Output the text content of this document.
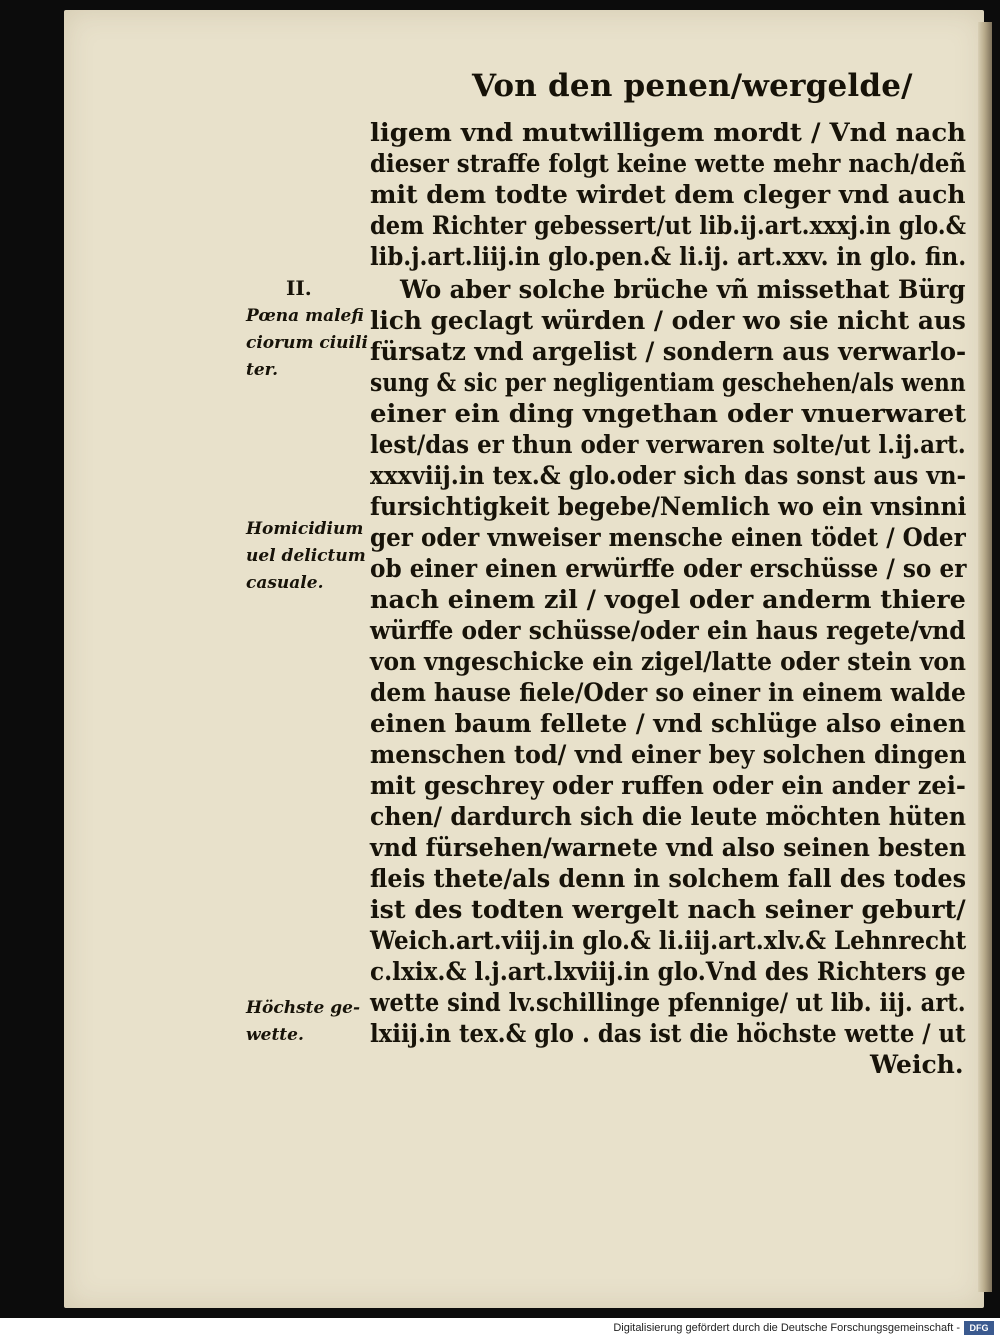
Von den penen/wergelde/
ligem vnd mutwilligem mordt / Vnd nach
dieser straffe folgt keine wette mehr nach/deñ
mit dem todte wirdet dem cleger vnd auch
dem Richter gebessert/ut lib.ij.art.xxxj.in glo.&
lib.j.art.liij.in glo.pen.& li.ij. art.xxv. in glo. fin.
Wo aber solche brüche vñ missethat Bürg
lich geclagt würden / oder wo sie nicht aus
fürsatz vnd argelist / sondern aus verwarlo-
sung & sic per negligentiam geschehen/als wenn
einer ein ding vngethan oder vnuerwaret
lest/das er thun oder verwaren solte/ut l.ij.art.
xxxviij.in tex.& glo.oder sich das sonst aus vn-
fursichtigkeit begebe/Nemlich wo ein vnsinni
ger oder vnweiser mensche einen tödet / Oder
ob einer einen erwürffe oder erschüsse / so er
nach einem zil / vogel oder anderm thiere
würffe oder schüsse/oder ein haus regete/vnd
von vngeschicke ein zigel/latte oder stein von
dem hause fiele/Oder so einer in einem walde
einen baum fellete / vnd schlüge also einen
menschen tod/ vnd einer bey solchen dingen
mit geschrey oder ruffen oder ein ander zei-
chen/ dardurch sich die leute möchten hüten
vnd fürsehen/warnete vnd also seinen besten
fleis thete/als denn in solchem fall des todes
ist des todten wergelt nach seiner geburt/
Weich.art.viij.in glo.& li.iij.art.xlv.& Lehnrecht
c.lxix.& l.j.art.lxviij.in glo.Vnd des Richters ge
wette sind lv.schillinge pfennige/ ut lib. iij. art.
lxiij.in tex.& glo . das ist die höchste wette / ut
Weich.
II.
Pœna malefi
ciorum ciuili
ter.
Homicidium
uel delictum
casuale.
Höchste ge-
wette.
Digitalisierung gefördert durch die Deutsche Forschungsgemeinschaft -	DFG
